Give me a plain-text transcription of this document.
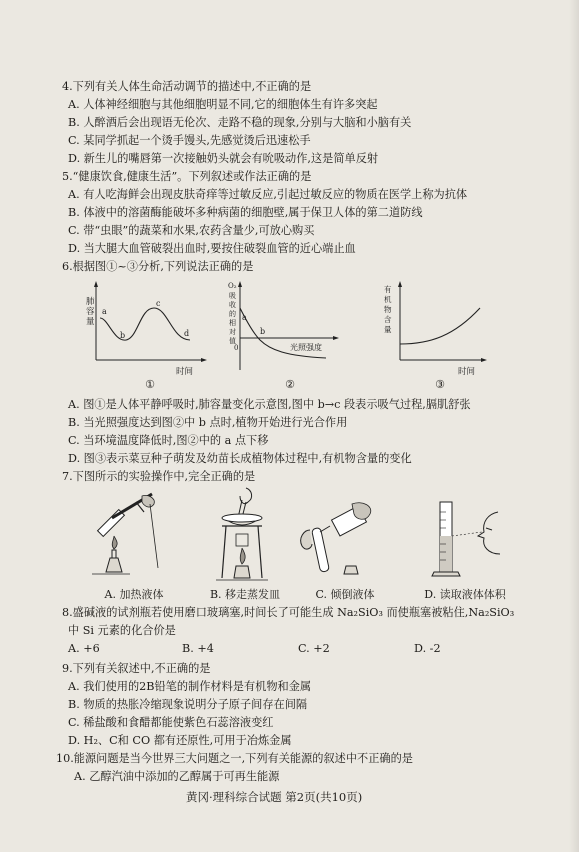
4.下列有关人体生命活动调节的描述中,不正确的是
A. 人体神经细胞与其他细胞明显不同,它的细胞体生有许多突起
B. 人醉酒后会出现语无伦次、走路不稳的现象,分别与大脑和小脑有关
C. 某同学抓起一个烫手馒头,先感觉烫后迅速松手
D. 新生儿的嘴唇第一次接触奶头就会有吮吸动作,这是简单反射
5.“健康饮食,健康生活”。下列叙述或作法正确的是
A. 有人吃海鲜会出现皮肤奇痒等过敏反应,引起过敏反应的物质在医学上称为抗体
B. 体液中的溶菌酶能破坏多种病菌的细胞壁,属于保卫人体的第二道防线
C. 带“虫眼”的蔬菜和水果,农药含量少,可放心购买
D. 当大腿大血管破裂出血时,要按住破裂血管的近心端止血
6.根据图①~③分析,下列说法正确的是
肺
容
量
a
b
c
d
时间
O₂
吸
收
的
相
对
值
a
b
0	光照强度
有
机
物
含
量
时间
①	②	③
A. 图①是人体平静呼吸时,肺容量变化示意图,图中 b→c 段表示吸气过程,膈肌舒张
B. 当光照强度达到图②中 b 点时,植物开始进行光合作用
C. 当环境温度降低时,图②中的 a 点下移
D. 图③表示菜豆种子萌发及幼苗长成植物体过程中,有机物含量的变化
7.下图所示的实验操作中,完全正确的是
A. 加热液体	B. 移走蒸发皿	C. 倾倒液体	D. 读取液体体积
8.盛碱液的试剂瓶若使用磨口玻璃塞,时间长了可能生成 Na₂SiO₃ 而使瓶塞被粘住,Na₂SiO₃
中 Si 元素的化合价是
A. +6	B. +4	C. +2	D. -2
9.下列有关叙述中,不正确的是
A. 我们使用的2B铅笔的制作材料是有机物和金属
B. 物质的热胀冷缩现象说明分子原子间存在间隔
C. 稀盐酸和食醋都能使紫色石蕊溶液变红
D. H₂、C和 CO 都有还原性,可用于冶炼金属
10.能源问题是当今世界三大问题之一,下列有关能源的叙述中不正确的是
A. 乙醇汽油中添加的乙醇属于可再生能源
黄冈·理科综合试题 第2页(共10页)
